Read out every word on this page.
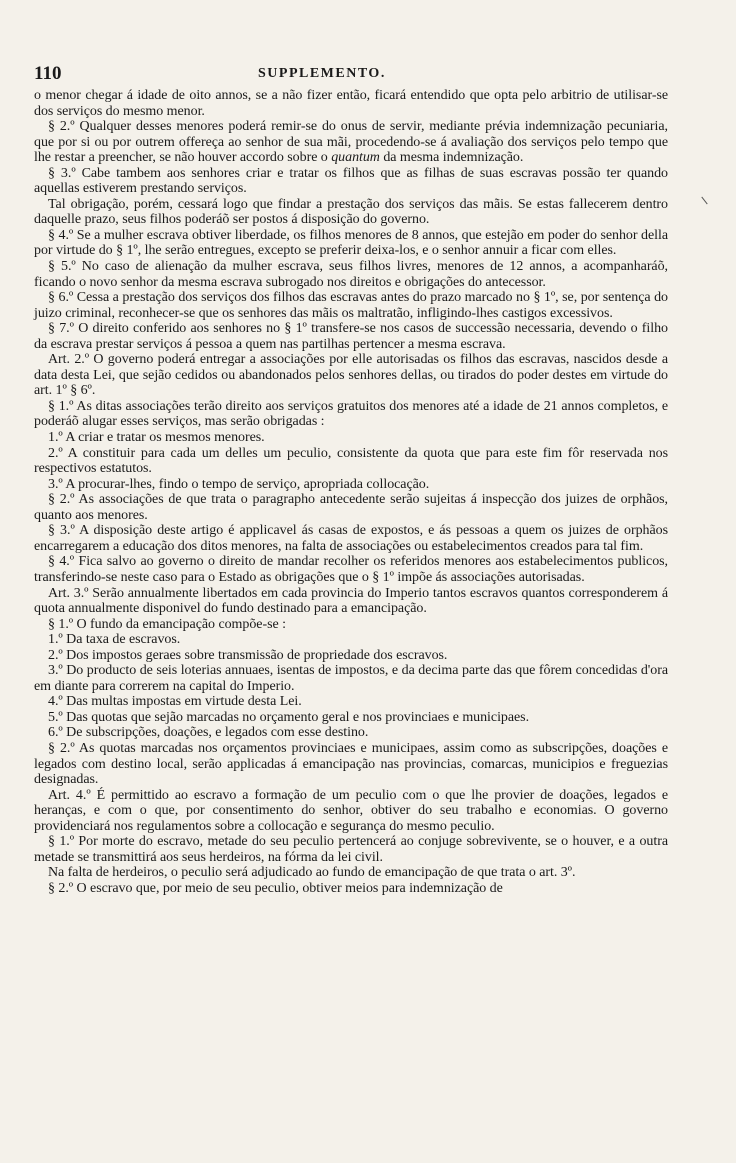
110	SUPPLEMENTO.

o menor chegar á idade de oito annos, se a não fizer então, ficará entendido que opta pelo arbitrio de utilisar-se dos serviços do mesmo menor.

§ 2.º Qualquer desses menores poderá remir-se do onus de servir, mediante prévia indemnização pecuniaria, que por si ou por outrem offereça ao senhor de sua mãi, procedendo-se á avaliação dos serviços pelo tempo que lhe restar a preencher, se não houver accordo sobre o quantum da mesma indemnização.

§ 3.º Cabe tambem aos senhores criar e tratar os filhos que as filhas de suas escravas possão ter quando aquellas estiverem prestando serviços.

Tal obrigação, porém, cessará logo que findar a prestação dos serviços das mãis. Se estas fallecerem dentro daquelle prazo, seus filhos poderáõ ser postos á disposição do governo.

§ 4.º Se a mulher escrava obtiver liberdade, os filhos menores de 8 annos, que estejão em poder do senhor della por virtude do § 1º, lhe serão entregues, excepto se preferir deixa-los, e o senhor annuir a ficar com elles.

§ 5.º No caso de alienação da mulher escrava, seus filhos livres, menores de 12 annos, a acompanharáõ, ficando o novo senhor da mesma escrava subrogado nos direitos e obrigações do antecessor.

§ 6.º Cessa a prestação dos serviços dos filhos das escravas antes do prazo marcado no § 1º, se, por sentença do juizo criminal, reconhecer-se que os senhores das mãis os maltratão, infligindo-lhes castigos excessivos.

§ 7.º O direito conferido aos senhores no § 1º transfere-se nos casos de successão necessaria, devendo o filho da escrava prestar serviços á pessoa a quem nas partilhas pertencer a mesma escrava.

Art. 2.º O governo poderá entregar a associações por elle autorisadas os filhos das escravas, nascidos desde a data desta Lei, que sejão cedidos ou abandonados pelos senhores dellas, ou tirados do poder destes em virtude do art. 1º § 6º.

§ 1.º As ditas associações terão direito aos serviços gratuitos dos menores até a idade de 21 annos completos, e poderáõ alugar esses serviços, mas serão obrigadas :

1.º A criar e tratar os mesmos menores.

2.º A constituir para cada um delles um peculio, consistente da quota que para este fim fôr reservada nos respectivos estatutos.

3.º A procurar-lhes, findo o tempo de serviço, apropriada collocação.

§ 2.º As associações de que trata o paragrapho antecedente serão sujeitas á inspecção dos juizes de orphãos, quanto aos menores.

§ 3.º A disposição deste artigo é applicavel ás casas de expostos, e ás pessoas a quem os juizes de orphãos encarregarem a educação dos ditos menores, na falta de associações ou estabelecimentos creados para tal fim.

§ 4.º Fica salvo ao governo o direito de mandar recolher os referidos menores aos estabelecimentos publicos, transferindo-se neste caso para o Estado as obrigações que o § 1º impõe ás associações autorisadas.

Art. 3.º Serão annualmente libertados em cada provincia do Imperio tantos escravos quantos corresponderem á quota annualmente disponivel do fundo destinado para a emancipação.

§ 1.º O fundo da emancipação compõe-se :

1.º Da taxa de escravos.

2.º Dos impostos geraes sobre transmissão de propriedade dos escravos.

3.º Do producto de seis loterias annuaes, isentas de impostos, e da decima parte das que fôrem concedidas d'ora em diante para correrem na capital do Imperio.

4.º Das multas impostas em virtude desta Lei.

5.º Das quotas que sejão marcadas no orçamento geral e nos provinciaes e municipaes.

6.º De subscripções, doações, e legados com esse destino.

§ 2.º As quotas marcadas nos orçamentos provinciaes e municipaes, assim como as subscripções, doações e legados com destino local, serão applicadas á emancipação nas provincias, comarcas, municipios e freguezias designadas.

Art. 4.º É permittido ao escravo a formação de um peculio com o que lhe provier de doações, legados e heranças, e com o que, por consentimento do senhor, obtiver do seu trabalho e economias. O governo providenciará nos regulamentos sobre a collocação e segurança do mesmo peculio.

§ 1.º Por morte do escravo, metade do seu peculio pertencerá ao conjuge sobrevivente, se o houver, e a outra metade se transmittirá aos seus herdeiros, na fórma da lei civil.

Na falta de herdeiros, o peculio será adjudicado ao fundo de emancipação de que trata o art. 3º.

§ 2.º O escravo que, por meio de seu peculio, obtiver meios para indemnização de
